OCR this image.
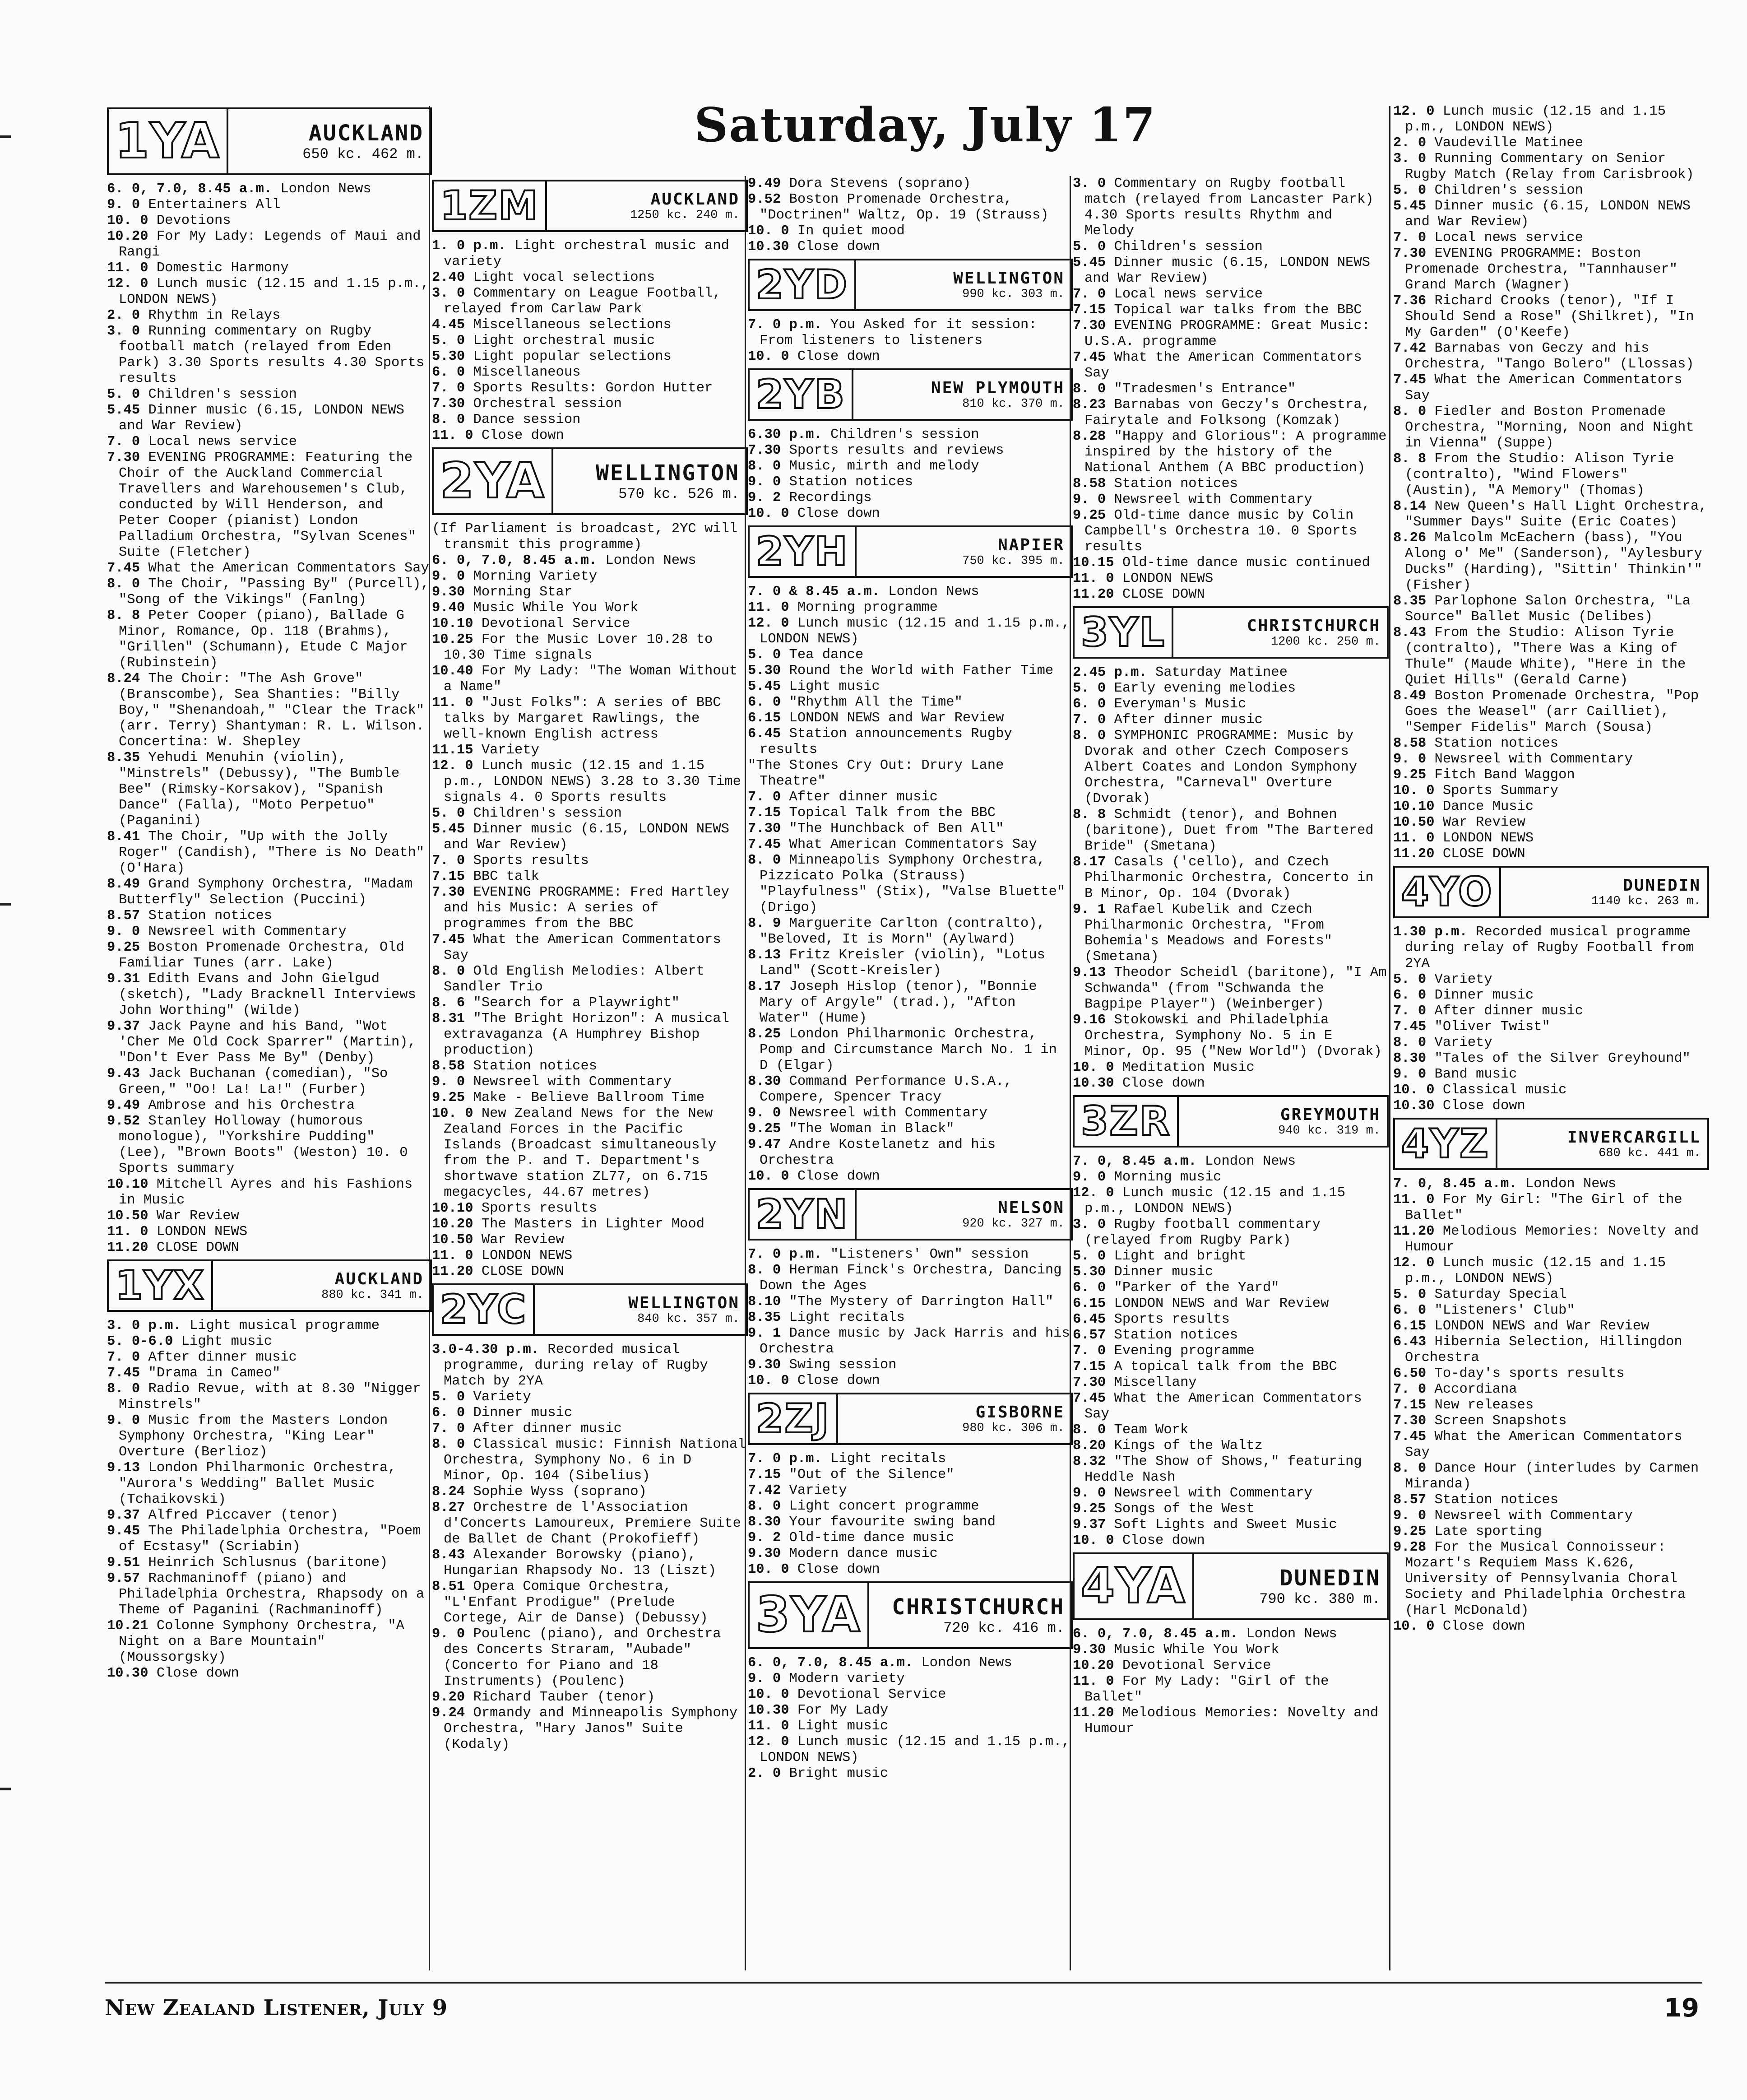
Saturday, July 17
1YA	AUCKLAND
650 kc. 462 m.
6. 0, 7.0, 8.45 a.m. London News
9. 0 Entertainers All
10. 0 Devotions
10.20 For My Lady: Legends of Maui and Rangi
11. 0 Domestic Harmony
12. 0 Lunch music (12.15 and 1.15 p.m., LONDON NEWS)
2. 0 Rhythm in Relays
3. 0 Running commentary on Rugby football match (relayed from Eden Park) 3.30 Sports results 4.30 Sports results
5. 0 Children's session
5.45 Dinner music (6.15, LONDON NEWS and War Review)
7. 0 Local news service
7.30 EVENING PROGRAMME: Featuring the Choir of the Auckland Commercial Travellers and Warehousemen's Club, conducted by Will Henderson, and Peter Cooper (pianist) London Palladium Orchestra, "Sylvan Scenes" Suite (Fletcher)
7.45 What the American Commentators Say
8. 0 The Choir, "Passing By" (Purcell), "Song of the Vikings" (Fanlng)
8. 8 Peter Cooper (piano), Ballade G Minor, Romance, Op. 118 (Brahms), "Grillen" (Schumann), Etude C Major (Rubinstein)
8.24 The Choir: "The Ash Grove" (Branscombe), Sea Shanties: "Billy Boy," "Shenandoah," "Clear the Track" (arr. Terry) Shantyman: R. L. Wilson. Concertina: W. Shepley
8.35 Yehudi Menuhin (violin), "Minstrels" (Debussy), "The Bumble Bee" (Rimsky-Korsakov), "Spanish Dance" (Falla), "Moto Perpetuo" (Paganini)
8.41 The Choir, "Up with the Jolly Roger" (Candish), "There is No Death" (O'Hara)
8.49 Grand Symphony Orchestra, "Madam Butterfly" Selection (Puccini)
8.57 Station notices
9. 0 Newsreel with Commentary
9.25 Boston Promenade Orchestra, Old Familiar Tunes (arr. Lake)
9.31 Edith Evans and John Gielgud (sketch), "Lady Bracknell Interviews John Worthing" (Wilde)
9.37 Jack Payne and his Band, "Wot 'Cher Me Old Cock Sparrer" (Martin), "Don't Ever Pass Me By" (Denby)
9.43 Jack Buchanan (comedian), "So Green," "Oo! La! La!" (Furber)
9.49 Ambrose and his Orchestra
9.52 Stanley Holloway (humorous monologue), "Yorkshire Pudding" (Lee), "Brown Boots" (Weston) 10. 0 Sports summary
10.10 Mitchell Ayres and his Fashions in Music
10.50 War Review
11. 0 LONDON NEWS
11.20 CLOSE DOWN
1YX	AUCKLAND
880 kc. 341 m.
3. 0 p.m. Light musical programme
5. 0-6.0 Light music
7. 0 After dinner music
7.45 "Drama in Cameo"
8. 0 Radio Revue, with at 8.30 "Nigger Minstrels"
9. 0 Music from the Masters London Symphony Orchestra, "King Lear" Overture (Berlioz)
9.13 London Philharmonic Orchestra, "Aurora's Wedding" Ballet Music (Tchaikovski)
9.37 Alfred Piccaver (tenor)
9.45 The Philadelphia Orchestra, "Poem of Ecstasy" (Scriabin)
9.51 Heinrich Schlusnus (baritone)
9.57 Rachmaninoff (piano) and Philadelphia Orchestra, Rhapsody on a Theme of Paganini (Rachmaninoff)
10.21 Colonne Symphony Orchestra, "A Night on a Bare Mountain" (Moussorgsky)
10.30 Close down
1ZM	AUCKLAND
1250 kc. 240 m.
1. 0 p.m. Light orchestral music and variety
2.40 Light vocal selections
3. 0 Commentary on League Football, relayed from Carlaw Park
4.45 Miscellaneous selections
5. 0 Light orchestral music
5.30 Light popular selections
6. 0 Miscellaneous
7. 0 Sports Results: Gordon Hutter
7.30 Orchestral session
8. 0 Dance session
11. 0 Close down
2YA	WELLINGTON
570 kc. 526 m.
(If Parliament is broadcast, 2YC will transmit this programme)
6. 0, 7.0, 8.45 a.m. London News
9. 0 Morning Variety
9.30 Morning Star
9.40 Music While You Work
10.10 Devotional Service
10.25 For the Music Lover 10.28 to 10.30 Time signals
10.40 For My Lady: "The Woman Without a Name"
11. 0 "Just Folks": A series of BBC talks by Margaret Rawlings, the well-known English actress
11.15 Variety
12. 0 Lunch music (12.15 and 1.15 p.m., LONDON NEWS) 3.28 to 3.30 Time signals 4. 0 Sports results
5. 0 Children's session
5.45 Dinner music (6.15, LONDON NEWS and War Review)
7. 0 Sports results
7.15 BBC talk
7.30 EVENING PROGRAMME: Fred Hartley and his Music: A series of programmes from the BBC
7.45 What the American Commentators Say
8. 0 Old English Melodies: Albert Sandler Trio
8. 6 "Search for a Playwright"
8.31 "The Bright Horizon": A musical extravaganza (A Humphrey Bishop production)
8.58 Station notices
9. 0 Newsreel with Commentary
9.25 Make - Believe Ballroom Time
10. 0 New Zealand News for the New Zealand Forces in the Pacific Islands (Broadcast simultaneously from the P. and T. Department's shortwave station ZL77, on 6.715 megacycles, 44.67 metres)
10.10 Sports results
10.20 The Masters in Lighter Mood
10.50 War Review
11. 0 LONDON NEWS
11.20 CLOSE DOWN
2YC	WELLINGTON
840 kc. 357 m.
3.0-4.30 p.m. Recorded musical programme, during relay of Rugby Match by 2YA
5. 0 Variety
6. 0 Dinner music
7. 0 After dinner music
8. 0 Classical music: Finnish National Orchestra, Symphony No. 6 in D Minor, Op. 104 (Sibelius)
8.24 Sophie Wyss (soprano)
8.27 Orchestre de l'Association d'Concerts Lamoureux, Premiere Suite de Ballet de Chant (Prokofieff)
8.43 Alexander Borowsky (piano), Hungarian Rhapsody No. 13 (Liszt)
8.51 Opera Comique Orchestra, "L'Enfant Prodigue" (Prelude Cortege, Air de Danse) (Debussy)
9. 0 Poulenc (piano), and Orchestra des Concerts Straram, "Aubade" (Concerto for Piano and 18 Instruments) (Poulenc)
9.20 Richard Tauber (tenor)
9.24 Ormandy and Minneapolis Symphony Orchestra, "Hary Janos" Suite (Kodaly)
9.49 Dora Stevens (soprano)
9.52 Boston Promenade Orchestra, "Doctrinen" Waltz, Op. 19 (Strauss)
10. 0 In quiet mood
10.30 Close down
2YD	WELLINGTON
990 kc. 303 m.
7. 0 p.m. You Asked for it session: From listeners to listeners
10. 0 Close down
2YB	NEW PLYMOUTH
810 kc. 370 m.
6.30 p.m. Children's session
7.30 Sports results and reviews
8. 0 Music, mirth and melody
9. 0 Station notices
9. 2 Recordings
10. 0 Close down
2YH	NAPIER
750 kc. 395 m.
7. 0 & 8.45 a.m. London News
11. 0 Morning programme
12. 0 Lunch music (12.15 and 1.15 p.m., LONDON NEWS)
5. 0 Tea dance
5.30 Round the World with Father Time
5.45 Light music
6. 0 "Rhythm All the Time"
6.15 LONDON NEWS and War Review
6.45 Station announcements Rugby results
"The Stones Cry Out: Drury Lane Theatre"
7. 0 After dinner music
7.15 Topical Talk from the BBC
7.30 "The Hunchback of Ben All"
7.45 What American Commentators Say
8. 0 Minneapolis Symphony Orchestra, Pizzicato Polka (Strauss) "Playfulness" (Stix), "Valse Bluette" (Drigo)
8. 9 Marguerite Carlton (contralto), "Beloved, It is Morn" (Aylward)
8.13 Fritz Kreisler (violin), "Lotus Land" (Scott-Kreisler)
8.17 Joseph Hislop (tenor), "Bonnie Mary of Argyle" (trad.), "Afton Water" (Hume)
8.25 London Philharmonic Orchestra, Pomp and Circumstance March No. 1 in D (Elgar)
8.30 Command Performance U.S.A., Compere, Spencer Tracy
9. 0 Newsreel with Commentary
9.25 "The Woman in Black"
9.47 Andre Kostelanetz and his Orchestra
10. 0 Close down
2YN	NELSON
920 kc. 327 m.
7. 0 p.m. "Listeners' Own" session
8. 0 Herman Finck's Orchestra, Dancing Down the Ages
8.10 "The Mystery of Darrington Hall"
8.35 Light recitals
9. 1 Dance music by Jack Harris and his Orchestra
9.30 Swing session
10. 0 Close down
2ZJ	GISBORNE
980 kc. 306 m.
7. 0 p.m. Light recitals
7.15 "Out of the Silence"
7.42 Variety
8. 0 Light concert programme
8.30 Your favourite swing band
9. 2 Old-time dance music
9.30 Modern dance music
10. 0 Close down
3YA	CHRISTCHURCH
720 kc. 416 m.
6. 0, 7.0, 8.45 a.m. London News
9. 0 Modern variety
10. 0 Devotional Service
10.30 For My Lady
11. 0 Light music
12. 0 Lunch music (12.15 and 1.15 p.m., LONDON NEWS)
2. 0 Bright music
3. 0 Commentary on Rugby football match (relayed from Lancaster Park) 4.30 Sports results Rhythm and Melody
5. 0 Children's session
5.45 Dinner music (6.15, LONDON NEWS and War Review)
7. 0 Local news service
7.15 Topical war talks from the BBC
7.30 EVENING PROGRAMME: Great Music: U.S.A. programme
7.45 What the American Commentators Say
8. 0 "Tradesmen's Entrance"
8.23 Barnabas von Geczy's Orchestra, Fairytale and Folksong (Komzak)
8.28 "Happy and Glorious": A programme inspired by the history of the National Anthem (A BBC production)
8.58 Station notices
9. 0 Newsreel with Commentary
9.25 Old-time dance music by Colin Campbell's Orchestra 10. 0 Sports results
10.15 Old-time dance music continued
11. 0 LONDON NEWS
11.20 CLOSE DOWN
3YL	CHRISTCHURCH
1200 kc. 250 m.
2.45 p.m. Saturday Matinee
5. 0 Early evening melodies
6. 0 Everyman's Music
7. 0 After dinner music
8. 0 SYMPHONIC PROGRAMME: Music by Dvorak and other Czech Composers Albert Coates and London Symphony Orchestra, "Carneval" Overture (Dvorak)
8. 8 Schmidt (tenor), and Bohnen (baritone), Duet from "The Bartered Bride" (Smetana)
8.17 Casals ('cello), and Czech Philharmonic Orchestra, Concerto in B Minor, Op. 104 (Dvorak)
9. 1 Rafael Kubelik and Czech Philharmonic Orchestra, "From Bohemia's Meadows and Forests" (Smetana)
9.13 Theodor Scheidl (baritone), "I Am Schwanda" (from "Schwanda the Bagpipe Player") (Weinberger)
9.16 Stokowski and Philadelphia Orchestra, Symphony No. 5 in E Minor, Op. 95 ("New World") (Dvorak)
10. 0 Meditation Music
10.30 Close down
3ZR	GREYMOUTH
940 kc. 319 m.
7. 0, 8.45 a.m. London News
9. 0 Morning music
12. 0 Lunch music (12.15 and 1.15 p.m., LONDON NEWS)
3. 0 Rugby football commentary (relayed from Rugby Park)
5. 0 Light and bright
5.30 Dinner music
6. 0 "Parker of the Yard"
6.15 LONDON NEWS and War Review
6.45 Sports results
6.57 Station notices
7. 0 Evening programme
7.15 A topical talk from the BBC
7.30 Miscellany
7.45 What the American Commentators Say
8. 0 Team Work
8.20 Kings of the Waltz
8.32 "The Show of Shows," featuring Heddle Nash
9. 0 Newsreel with Commentary
9.25 Songs of the West
9.37 Soft Lights and Sweet Music
10. 0 Close down
4YA	DUNEDIN
790 kc. 380 m.
6. 0, 7.0, 8.45 a.m. London News
9.30 Music While You Work
10.20 Devotional Service
11. 0 For My Lady: "Girl of the Ballet"
11.20 Melodious Memories: Novelty and Humour
12. 0 Lunch music (12.15 and 1.15 p.m., LONDON NEWS)
2. 0 Vaudeville Matinee
3. 0 Running Commentary on Senior Rugby Match (Relay from Carisbrook)
5. 0 Children's session
5.45 Dinner music (6.15, LONDON NEWS and War Review)
7. 0 Local news service
7.30 EVENING PROGRAMME: Boston Promenade Orchestra, "Tannhauser" Grand March (Wagner)
7.36 Richard Crooks (tenor), "If I Should Send a Rose" (Shilkret), "In My Garden" (O'Keefe)
7.42 Barnabas von Geczy and his Orchestra, "Tango Bolero" (Llossas)
7.45 What the American Commentators Say
8. 0 Fiedler and Boston Promenade Orchestra, "Morning, Noon and Night in Vienna" (Suppe)
8. 8 From the Studio: Alison Tyrie (contralto), "Wind Flowers" (Austin), "A Memory" (Thomas)
8.14 New Queen's Hall Light Orchestra, "Summer Days" Suite (Eric Coates)
8.26 Malcolm McEachern (bass), "You Along o' Me" (Sanderson), "Aylesbury Ducks" (Harding), "Sittin' Thinkin'" (Fisher)
8.35 Parlophone Salon Orchestra, "La Source" Ballet Music (Delibes)
8.43 From the Studio: Alison Tyrie (contralto), "There Was a King of Thule" (Maude White), "Here in the Quiet Hills" (Gerald Carne)
8.49 Boston Promenade Orchestra, "Pop Goes the Weasel" (arr Cailliet), "Semper Fidelis" March (Sousa)
8.58 Station notices
9. 0 Newsreel with Commentary
9.25 Fitch Band Waggon
10. 0 Sports Summary
10.10 Dance Music
10.50 War Review
11. 0 LONDON NEWS
11.20 CLOSE DOWN
4YO	DUNEDIN
1140 kc. 263 m.
1.30 p.m. Recorded musical programme during relay of Rugby Football from 2YA
5. 0 Variety
6. 0 Dinner music
7. 0 After dinner music
7.45 "Oliver Twist"
8. 0 Variety
8.30 "Tales of the Silver Greyhound"
9. 0 Band music
10. 0 Classical music
10.30 Close down
4YZ	INVERCARGILL
680 kc. 441 m.
7. 0, 8.45 a.m. London News
11. 0 For My Girl: "The Girl of the Ballet"
11.20 Melodious Memories: Novelty and Humour
12. 0 Lunch music (12.15 and 1.15 p.m., LONDON NEWS)
5. 0 Saturday Special
6. 0 "Listeners' Club"
6.15 LONDON NEWS and War Review
6.43 Hibernia Selection, Hillingdon Orchestra
6.50 To-day's sports results
7. 0 Accordiana
7.15 New releases
7.30 Screen Snapshots
7.45 What the American Commentators Say
8. 0 Dance Hour (interludes by Carmen Miranda)
8.57 Station notices
9. 0 Newsreel with Commentary
9.25 Late sporting
9.28 For the Musical Connoisseur: Mozart's Requiem Mass K.626, University of Pennsylvania Choral Society and Philadelphia Orchestra (Harl McDonald)
10. 0 Close down
New Zealand Listener, July 9	19
